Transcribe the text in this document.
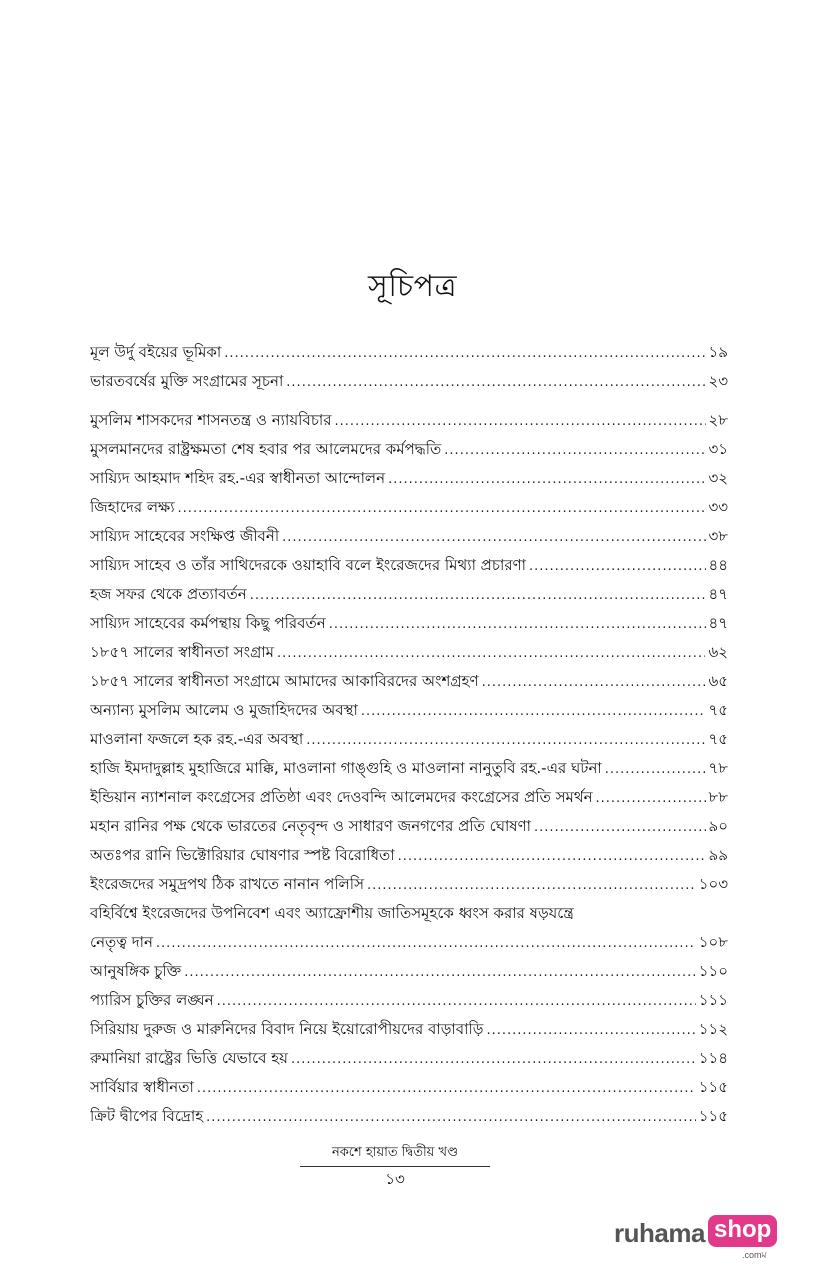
সূচিপত্র
মূল উর্দু বইয়ের ভূমিকা .....	১৯
ভারতবর্ষের মুক্তি সংগ্রামের সূচনা .....	২৩
মুসলিম শাসকদের শাসনতন্ত্র ও ন্যায়বিচার .....	২৮
মুসলমানদের রাষ্ট্রক্ষমতা শেষ হবার পর আলেমদের কর্মপদ্ধতি .....	৩১
সায়্যিদ আহমাদ শহিদ রহ.-এর স্বাধীনতা আন্দোলন .....	৩২
জিহাদের লক্ষ্য .....	৩৩
সায়্যিদ সাহেবের সংক্ষিপ্ত জীবনী .....	৩৮
সায়্যিদ সাহেব ও তাঁর সাথিদেরকে ওয়াহাবি বলে ইংরেজদের মিথ্যা প্রচারণা .....	৪৪
হজ সফর থেকে প্রত্যাবর্তন .....	৪৭
সায়্যিদ সাহেবের কর্মপন্থায় কিছু পরিবর্তন .....	৪৭
১৮৫৭ সালের স্বাধীনতা সংগ্রাম .....	৬২
১৮৫৭ সালের স্বাধীনতা সংগ্রামে আমাদের আকাবিরদের অংশগ্রহণ .....	৬৫
অন্যান্য মুসলিম আলেম ও মুজাহিদদের অবস্থা .....	৭৫
মাওলানা ফজলে হক রহ.-এর অবস্থা .....	৭৫
হাজি ইমদাদুল্লাহ মুহাজিরে মাক্কি, মাওলানা গাঙ্গুহি ও মাওলানা নানুতুবি রহ.-এর ঘটনা .....	৭৮
ইন্ডিয়ান ন্যাশনাল কংগ্রেসের প্রতিষ্ঠা এবং দেওবন্দি আলেমদের কংগ্রেসের প্রতি সমর্থন .....	৮৮
মহান রানির পক্ষ থেকে ভারতের নেতৃবৃন্দ ও সাধারণ জনগণের প্রতি ঘোষণা .....	৯০
অতঃপর রানি ভিক্টোরিয়ার ঘোষণার স্পষ্ট বিরোধিতা .....	৯৯
ইংরেজদের সমুদ্রপথ ঠিক রাখতে নানান পলিসি .....	১০৩
বহির্বিশ্বে ইংরেজদের উপনিবেশ এবং অ্যাফ্রোশীয় জাতিসমূহকে ধ্বংস করার ষড়যন্ত্রে
নেতৃত্ব দান .....	১০৮
আনুষঙ্গিক চুক্তি .....	১১০
প্যারিস চুক্তির লঙ্ঘন .....	১১১
সিরিয়ায় দুরুজ ও মারুনিদের বিবাদ নিয়ে ইয়োরোপীয়দের বাড়াবাড়ি .....	১১২
রুমানিয়া রাষ্ট্রের ভিত্তি যেভাবে হয় .....	১১৪
সার্বিয়ার স্বাধীনতা .....	১১৫
ক্রিট দ্বীপের বিদ্রোহ .....	১১৫
নকশে হায়াত দ্বিতীয় খণ্ড
১৩
ruhama shop
.comম
